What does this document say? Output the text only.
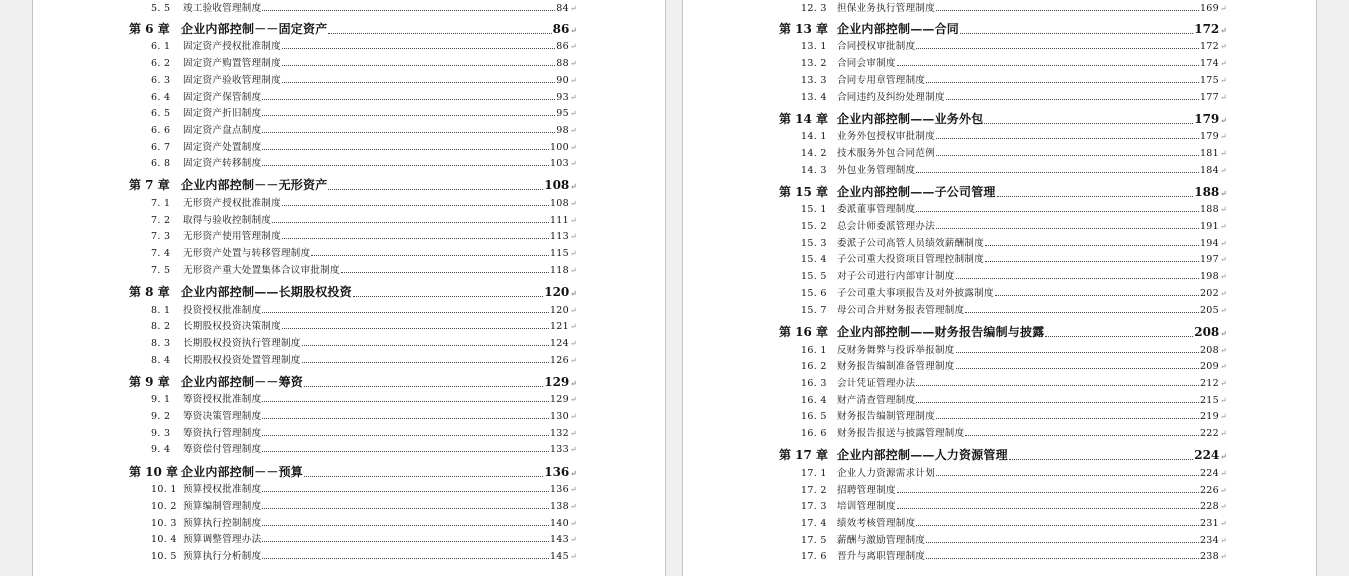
5. 5	竣工验收管理制度	84 ↵
第 6 章 企业内部控制－－固定资产	86 ↵
6. 1	固定资产授权批准制度	86 ↵
6. 2	固定资产购置管理制度	88 ↵
6. 3	固定资产验收管理制度	90 ↵
6. 4	固定资产保管制度	93 ↵
6. 5	固定资产折旧制度	95 ↵
6. 6	固定资产盘点制度	98 ↵
6. 7	固定资产处置制度	100 ↵
6. 8	固定资产转移制度	103 ↵
第 7 章 企业内部控制－－无形资产	108 ↵
7. 1	无形资产授权批准制度	108 ↵
7. 2	取得与验收控制制度	111 ↵
7. 3	无形资产使用管理制度	113 ↵
7. 4	无形资产处置与转移管理制度	115 ↵
7. 5	无形资产重大处置集体合议审批制度	118 ↵
第 8 章 企业内部控制——长期股权投资	120 ↵
8. 1	投资授权批准制度	120 ↵
8. 2	长期股权投资决策制度	121 ↵
8. 3	长期股权投资执行管理制度	124 ↵
8. 4	长期股权投资处置管理制度	126 ↵
第 9 章 企业内部控制－－筹资	129 ↵
9. 1	筹资授权批准制度	129 ↵
9. 2	筹资决策管理制度	130 ↵
9. 3	筹资执行管理制度	132 ↵
9. 4	筹资偿付管理制度	133 ↵
第 10 章 企业内部控制－－预算	136 ↵
10. 1 预算授权批准制度	136 ↵
10. 2 预算编制管理制度	138 ↵
10. 3 预算执行控制制度	140 ↵
10. 4 预算调整管理办法	143 ↵
10. 5 预算执行分析制度	145 ↵
12. 3	担保业务执行管理制度	169 ↵
第 13 章 企业内部控制——合同	172 ↵
13. 1	合同授权审批制度	172 ↵
13. 2	合同会审制度	174 ↵
13. 3	合同专用章管理制度	175 ↵
13. 4	合同违约及纠纷处理制度	177 ↵
第 14 章 企业内部控制——业务外包	179 ↵
14. 1	业务外包授权审批制度	179 ↵
14. 2	技术服务外包合同范例	181 ↵
14. 3	外包业务管理制度	184 ↵
第 15 章 企业内部控制——子公司管理	188 ↵
15. 1	委派董事管理制度	188 ↵
15. 2	总会计师委派管理办法	191 ↵
15. 3	委派子公司高管人员绩效薪酬制度	194 ↵
15. 4	子公司重大投资项目管理控制制度	197 ↵
15. 5	对子公司进行内部审计制度	198 ↵
15. 6	子公司重大事项报告及对外披露制度	202 ↵
15. 7	母公司合并财务报表管理制度	205 ↵
第 16 章 企业内部控制——财务报告编制与披露	208 ↵
16. 1	反财务舞弊与投诉举报制度	208 ↵
16. 2	财务报告编制准备管理制度	209 ↵
16. 3	会计凭证管理办法	212 ↵
16. 4	财产清查管理制度	215 ↵
16. 5	财务报告编制管理制度	219 ↵
16. 6	财务报告报送与披露管理制度	222 ↵
第 17 章 企业内部控制——人力资源管理	224 ↵
17. 1	企业人力资源需求计划	224 ↵
17. 2	招聘管理制度	226 ↵
17. 3	培训管理制度	228 ↵
17. 4	绩效考核管理制度	231 ↵
17. 5	薪酬与激励管理制度	234 ↵
17. 6	晋升与离职管理制度	238 ↵
